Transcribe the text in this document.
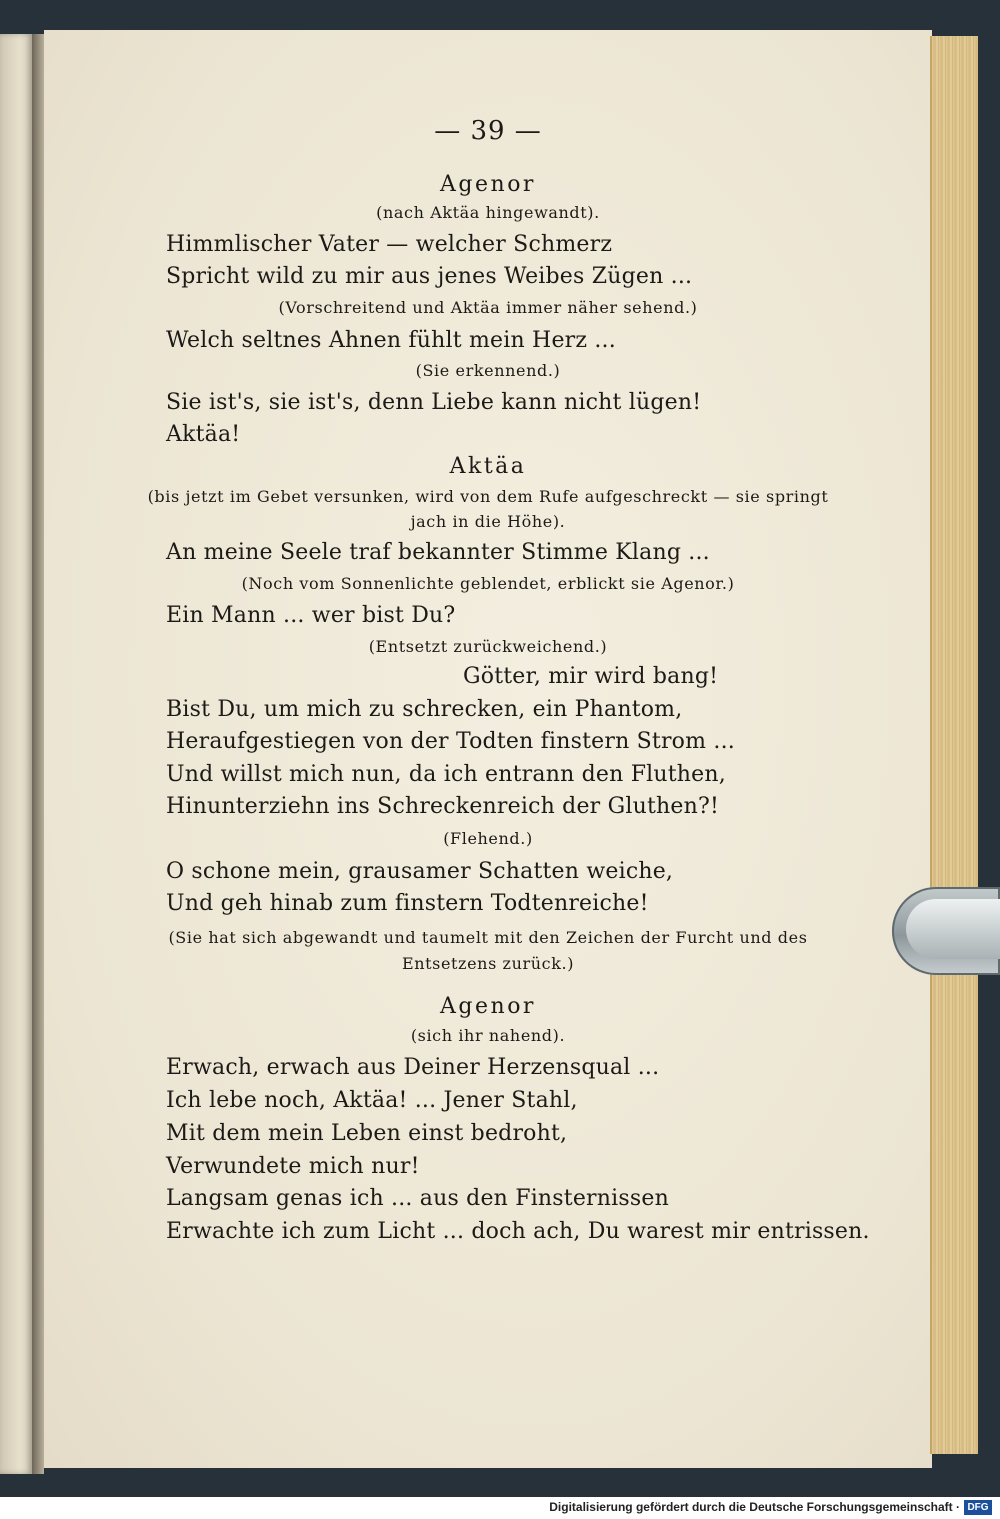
— 39 —

Agenor

(nach Aktäa hingewandt).

Himmlischer Vater — welcher Schmerz

Spricht wild zu mir aus jenes Weibes Zügen ...

(Vorschreitend und Aktäa immer näher sehend.)

Welch seltnes Ahnen fühlt mein Herz ...

(Sie erkennend.)

Sie ist's, sie ist's, denn Liebe kann nicht lügen!

Aktäa!

Aktäa

(bis jetzt im Gebet versunken, wird von dem Rufe aufgeschreckt — sie springt

jach in die Höhe).

An meine Seele traf bekannter Stimme Klang ...

(Noch vom Sonnenlichte geblendet, erblickt sie Agenor.)

Ein Mann ... wer bist Du?

(Entsetzt zurückweichend.)

Götter, mir wird bang!

Bist Du, um mich zu schrecken, ein Phantom,

Heraufgestiegen von der Todten finstern Strom ...

Und willst mich nun, da ich entrann den Fluthen,

Hinunterziehn ins Schreckenreich der Gluthen?!

(Flehend.)

O schone mein, grausamer Schatten weiche,

Und geh hinab zum finstern Todtenreiche!

(Sie hat sich abgewandt und taumelt mit den Zeichen der Furcht und des

Entsetzens zurück.)

Agenor

(sich ihr nahend).

Erwach, erwach aus Deiner Herzensqual ...

Ich lebe noch, Aktäa! ... Jener Stahl,

Mit dem mein Leben einst bedroht,

Verwundete mich nur!

Langsam genas ich ... aus den Finsternissen

Erwachte ich zum Licht ... doch ach, Du warest mir entrissen.

Digitalisierung gefördert durch die Deutsche Forschungsgemeinschaft · DFG
